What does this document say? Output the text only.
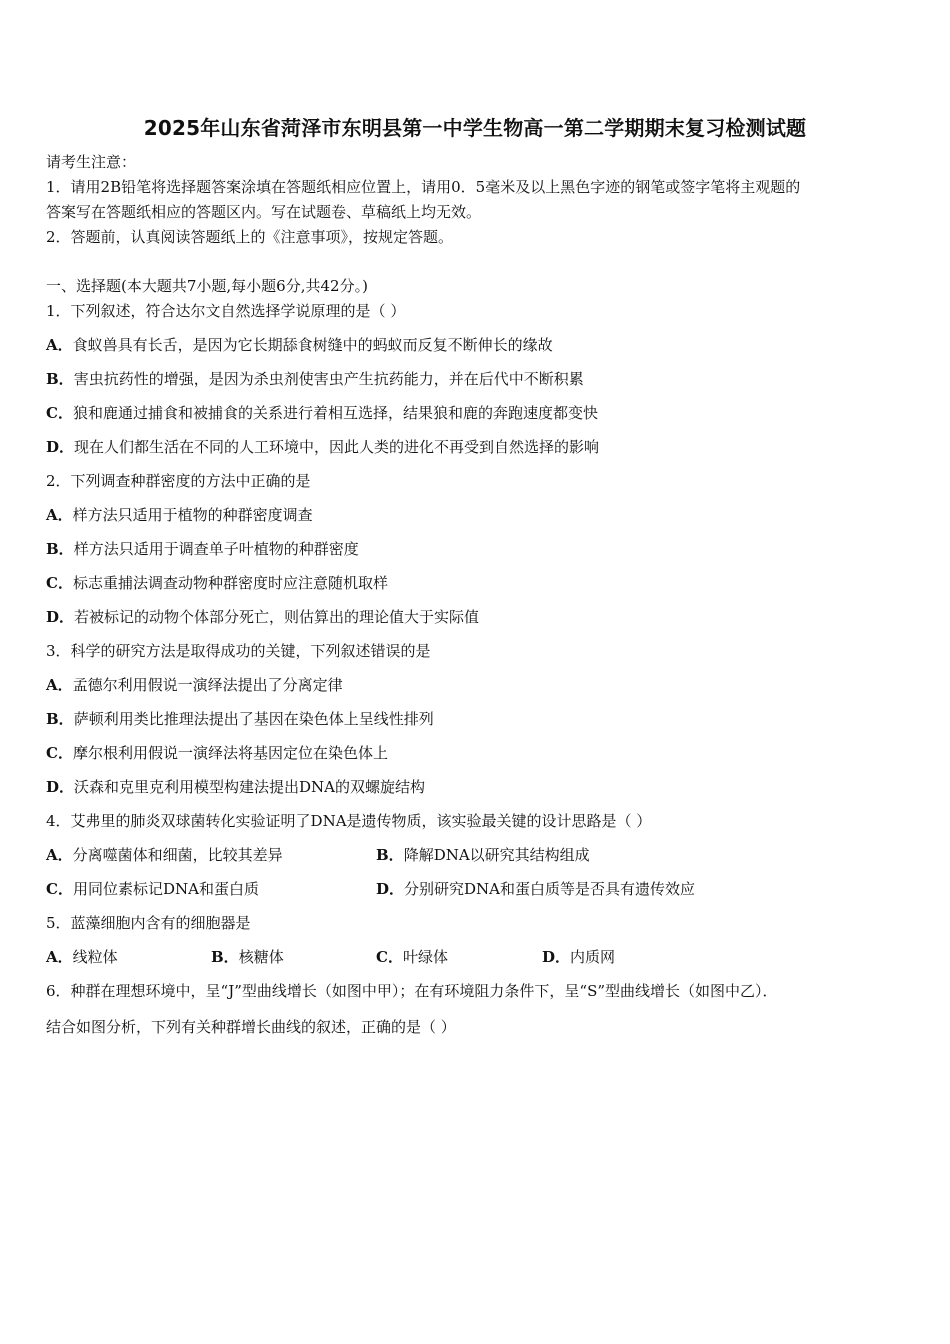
2025年山东省菏泽市东明县第一中学生物高一第二学期期末复习检测试题
请考生注意：
1．请用2B铅笔将选择题答案涂填在答题纸相应位置上，请用0．5毫米及以上黑色字迹的钢笔或签字笔将主观题的
答案写在答题纸相应的答题区内。写在试题卷、草稿纸上均无效。
2．答题前，认真阅读答题纸上的《注意事项》，按规定答题。
一、选择题(本大题共7小题,每小题6分,共42分。)
1．下列叙述，符合达尔文自然选择学说原理的是（ ）
A．食蚁兽具有长舌，是因为它长期舔食树缝中的蚂蚁而反复不断伸长的缘故
B．害虫抗药性的增强，是因为杀虫剂使害虫产生抗药能力，并在后代中不断积累
C．狼和鹿通过捕食和被捕食的关系进行着相互选择，结果狼和鹿的奔跑速度都变快
D．现在人们都生活在不同的人工环境中，因此人类的进化不再受到自然选择的影响
2．下列调查种群密度的方法中正确的是
A．样方法只适用于植物的种群密度调查
B．样方法只适用于调查单子叶植物的种群密度
C．标志重捕法调查动物种群密度时应注意随机取样
D．若被标记的动物个体部分死亡，则估算出的理论值大于实际值
3．科学的研究方法是取得成功的关键，下列叙述错误的是
A．孟德尔利用假说一演绎法提出了分离定律
B．萨顿利用类比推理法提出了基因在染色体上呈线性排列
C．摩尔根利用假说一演绎法将基因定位在染色体上
D．沃森和克里克利用模型构建法提出DNA的双螺旋结构
4．艾弗里的肺炎双球菌转化实验证明了DNA是遗传物质，该实验最关键的设计思路是（ ）
A．分离噬菌体和细菌，比较其差异	B．降解DNA以研究其结构组成
C．用同位素标记DNA和蛋白质	D．分别研究DNA和蛋白质等是否具有遗传效应
5．蓝藻细胞内含有的细胞器是
A．线粒体	B．核糖体	C．叶绿体	D．内质网
6．种群在理想环境中，呈“J”型曲线增长（如图中甲）；在有环境阻力条件下，呈“S”型曲线增长（如图中乙）．
结合如图分析，下列有关种群增长曲线的叙述，正确的是（ ）
